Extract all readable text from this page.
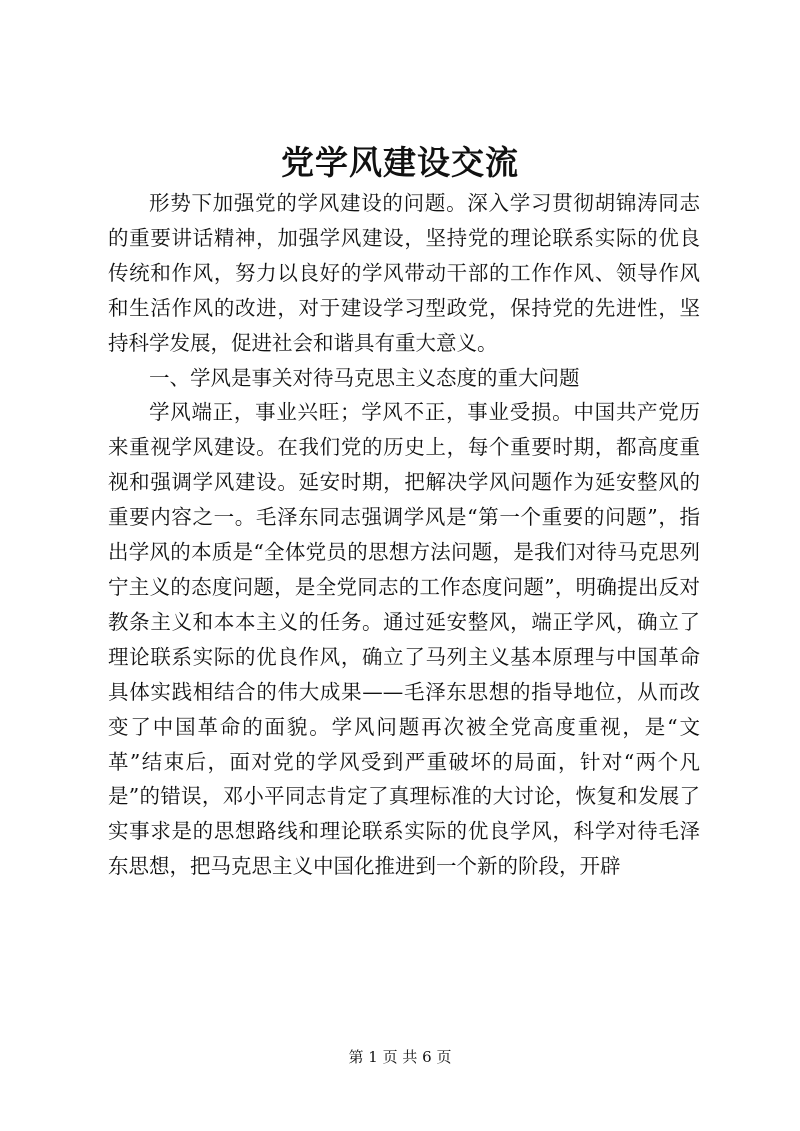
党学风建设交流

形势下加强党的学风建设的问题。深入学习贯彻胡锦涛同志的重要讲话精神，加强学风建设，坚持党的理论联系实际的优良传统和作风，努力以良好的学风带动干部的工作作风、领导作风和生活作风的改进，对于建设学习型政党，保持党的先进性，坚持科学发展，促进社会和谐具有重大意义。

一、学风是事关对待马克思主义态度的重大问题

学风端正，事业兴旺；学风不正，事业受损。中国共产党历来重视学风建设。在我们党的历史上，每个重要时期，都高度重视和强调学风建设。延安时期，把解决学风问题作为延安整风的重要内容之一。毛泽东同志强调学风是“第一个重要的问题”，指出学风的本质是“全体党员的思想方法问题，是我们对待马克思列宁主义的态度问题，是全党同志的工作态度问题”，明确提出反对教条主义和本本主义的任务。通过延安整风，端正学风，确立了理论联系实际的优良作风，确立了马列主义基本原理与中国革命具体实践相结合的伟大成果——毛泽东思想的指导地位，从而改变了中国革命的面貌。学风问题再次被全党高度重视，是“文革”结束后，面对党的学风受到严重破坏的局面，针对“两个凡是”的错误，邓小平同志肯定了真理标准的大讨论，恢复和发展了实事求是的思想路线和理论联系实际的优良学风，科学对待毛泽东思想，把马克思主义中国化推进到一个新的阶段，开辟

第 1 页 共 6 页
